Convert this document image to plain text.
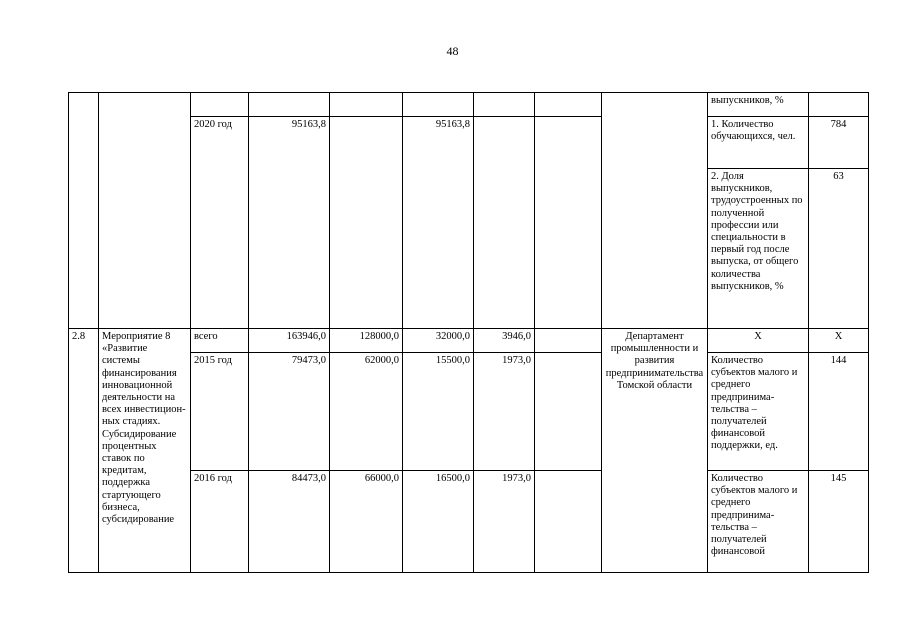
48
									выпускников, %	
		2020 год	95163,8		95163,8				1. Количество обучающихся, чел.	784
									2. Доля выпускников, трудоустроенных по полученной профессии или специальности в первый год после выпуска, от общего количества выпускников, %	63
2.8	Мероприятие 8 «Развитие системы финансирования инновационной деятельности на всех инвестицион-ных стадиях. Субсидирование процентных ставок по кредитам, поддержка стартующего бизнеса, субсидирование	всего	163946,0	128000,0	32000,0	3946,0		Департамент промышленности и развития предпринимательства Томской области	Х	Х
		2015 год	79473,0	62000,0	15500,0	1973,0			Количество субъектов малого и среднего предпринима-тельства – получателей финансовой поддержки, ед.	144
		2016 год	84473,0	66000,0	16500,0	1973,0			Количество субъектов малого и среднего предпринима-тельства – получателей финансовой	145
